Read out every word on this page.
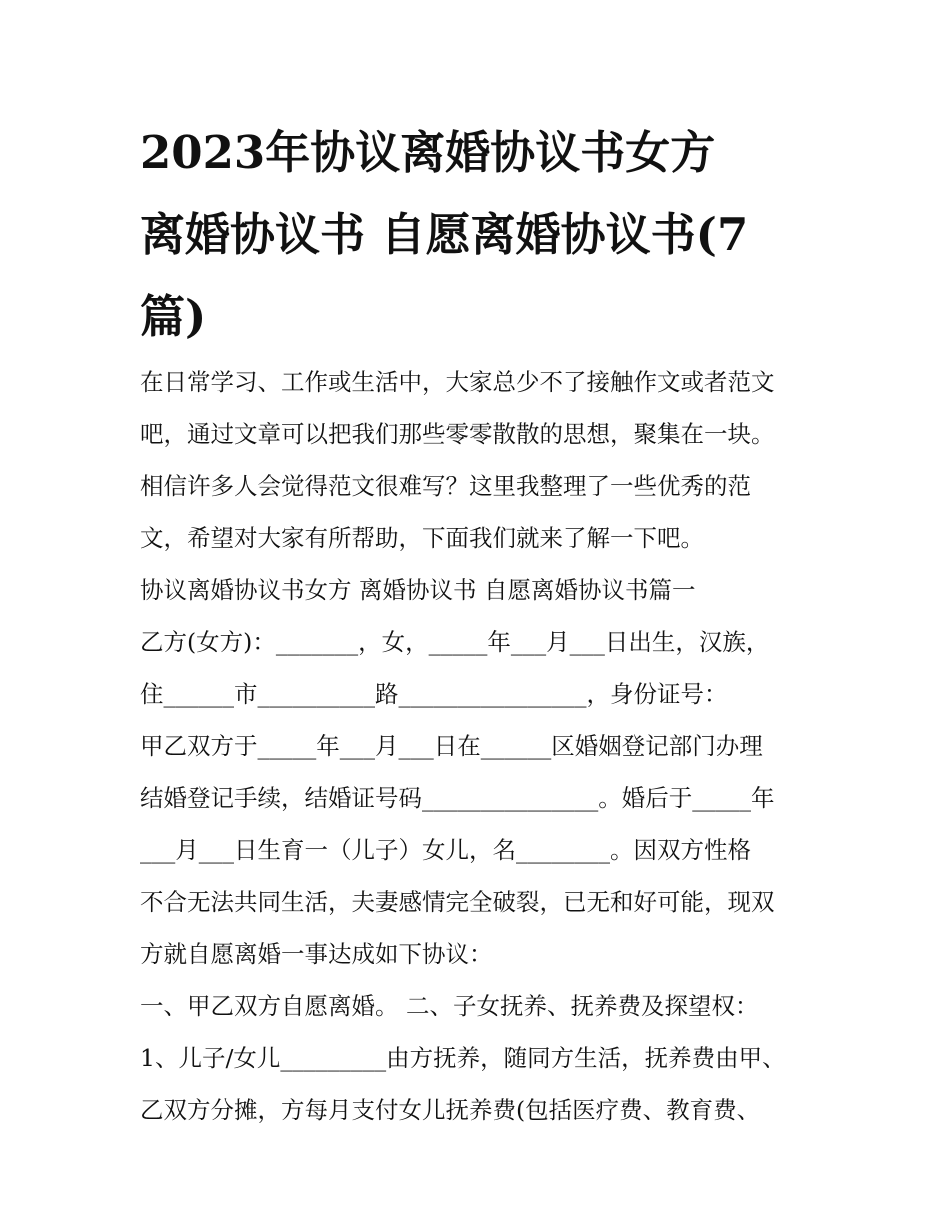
2023年协议离婚协议书女方
离婚协议书 自愿离婚协议书(7
篇)
在日常学习、工作或生活中，大家总少不了接触作文或者范文
吧，通过文章可以把我们那些零零散散的思想，聚集在一块。
相信许多人会觉得范文很难写？这里我整理了一些优秀的范
文，希望对大家有所帮助，下面我们就来了解一下吧。
协议离婚协议书女方 离婚协议书 自愿离婚协议书篇一
乙方(女方)：_______，女，_____年___月___日出生，汉族，
住______市__________路________________，身份证号：
甲乙双方于_____年___月___日在______区婚姻登记部门办理
结婚登记手续，结婚证号码_______________。婚后于_____年
___月___日生育一（儿子）女儿，名________。因双方性格
不合无法共同生活，夫妻感情完全破裂，已无和好可能，现双
方就自愿离婚一事达成如下协议：
一、甲乙双方自愿离婚。 二、子女抚养、抚养费及探望权：
1、儿子/女儿_________由方抚养，随同方生活，抚养费由甲、
乙双方分摊，方每月支付女儿抚养费(包括医疗费、教育费、
